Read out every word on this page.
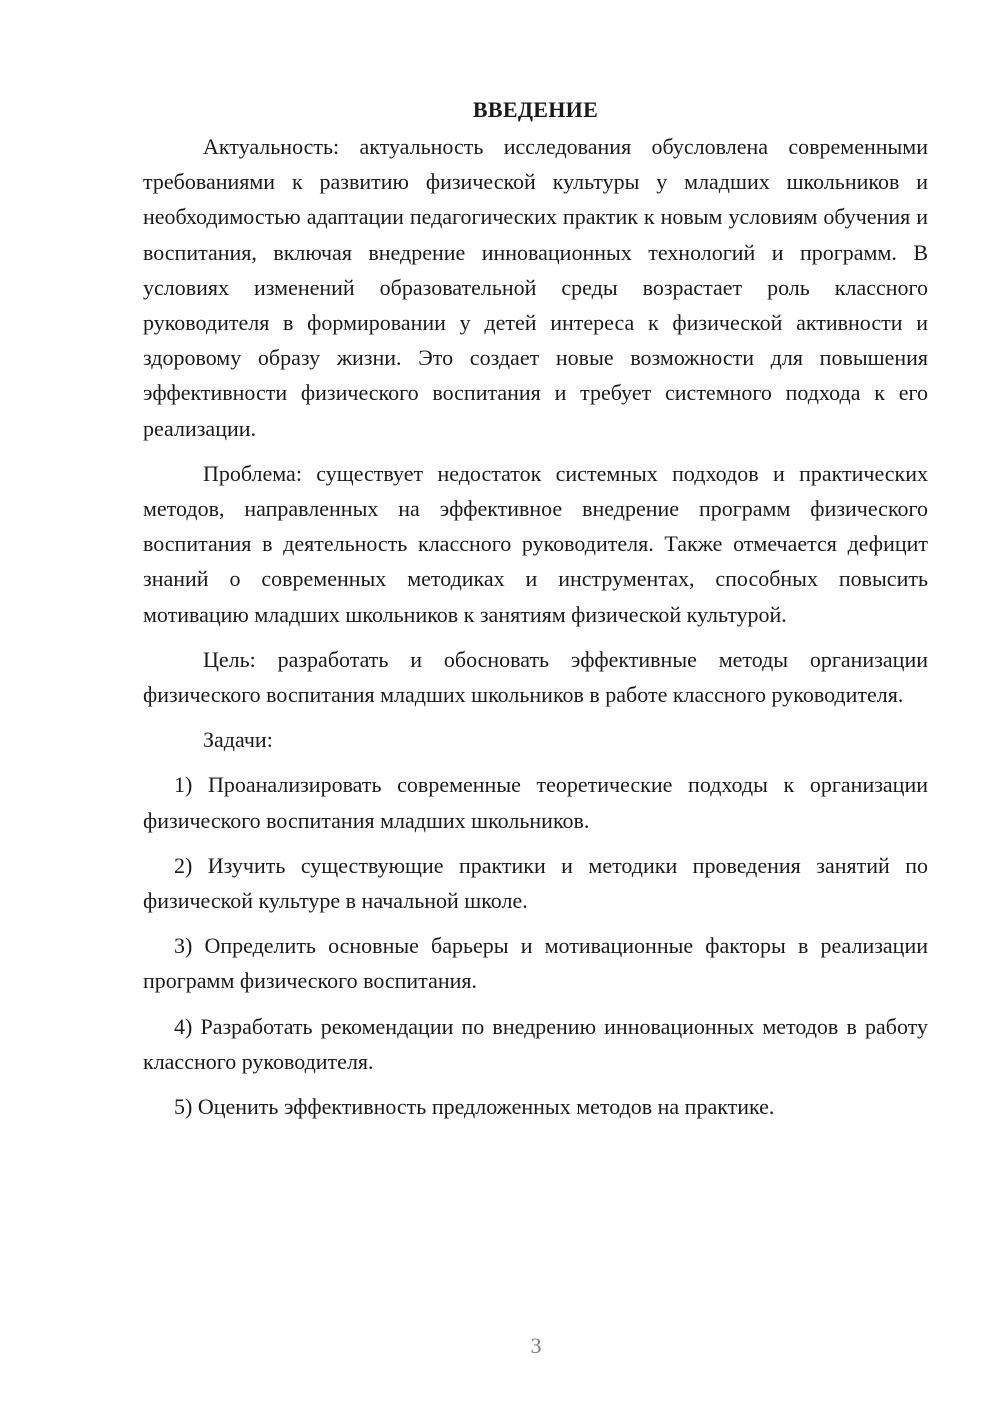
ВВЕДЕНИЕ

Актуальность: актуальность исследования обусловлена современными требованиями к развитию физической культуры у младших школьников и необходимостью адаптации педагогических практик к новым условиям обучения и воспитания, включая внедрение инновационных технологий и программ. В условиях изменений образовательной среды возрастает роль классного руководителя в формировании у детей интереса к физической активности и здоровому образу жизни. Это создает новые возможности для повышения эффективности физического воспитания и требует системного подхода к его реализации.

Проблема: существует недостаток системных подходов и практических методов, направленных на эффективное внедрение программ физического воспитания в деятельность классного руководителя. Также отмечается дефицит знаний о современных методиках и инструментах, способных повысить мотивацию младших школьников к занятиям физической культурой.

Цель: разработать и обосновать эффективные методы организации физического воспитания младших школьников в работе классного руководителя.

Задачи:

1) Проанализировать современные теоретические подходы к организации физического воспитания младших школьников.

2) Изучить существующие практики и методики проведения занятий по физической культуре в начальной школе.

3) Определить основные барьеры и мотивационные факторы в реализации программ физического воспитания.

4) Разработать рекомендации по внедрению инновационных методов в работу классного руководителя.

5) Оценить эффективность предложенных методов на практике.

3
